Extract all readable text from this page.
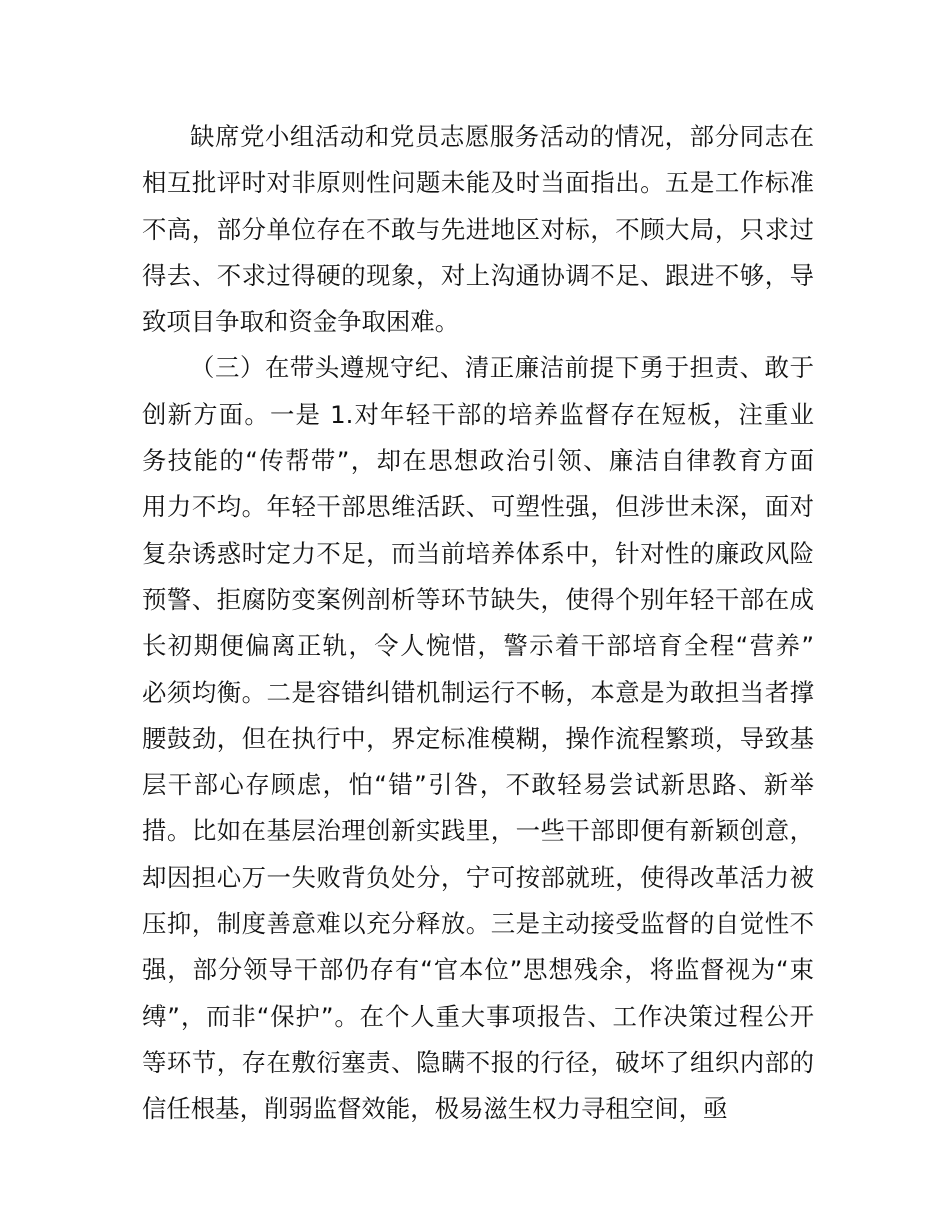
缺席党小组活动和党员志愿服务活动的情况，部分同志在
相互批评时对非原则性问题未能及时当面指出。五是工作标准
不高，部分单位存在不敢与先进地区对标，不顾大局，只求过
得去、不求过得硬的现象，对上沟通协调不足、跟进不够，导
致项目争取和资金争取困难。
（三）在带头遵规守纪、清正廉洁前提下勇于担责、敢于
创新方面。一是 1.对年轻干部的培养监督存在短板，注重业
务技能的“传帮带”，却在思想政治引领、廉洁自律教育方面
用力不均。年轻干部思维活跃、可塑性强，但涉世未深，面对
复杂诱惑时定力不足，而当前培养体系中，针对性的廉政风险
预警、拒腐防变案例剖析等环节缺失，使得个别年轻干部在成
长初期便偏离正轨，令人惋惜，警示着干部培育全程“营养”
必须均衡。二是容错纠错机制运行不畅，本意是为敢担当者撑
腰鼓劲，但在执行中，界定标准模糊，操作流程繁琐，导致基
层干部心存顾虑，怕“错”引咎，不敢轻易尝试新思路、新举
措。比如在基层治理创新实践里，一些干部即便有新颖创意，
却因担心万一失败背负处分，宁可按部就班，使得改革活力被
压抑，制度善意难以充分释放。三是主动接受监督的自觉性不
强，部分领导干部仍存有“官本位”思想残余，将监督视为“束
缚”，而非“保护”。在个人重大事项报告、工作决策过程公开
等环节，存在敷衍塞责、隐瞒不报的行径，破坏了组织内部的
信任根基，削弱监督效能，极易滋生权力寻租空间，亟
